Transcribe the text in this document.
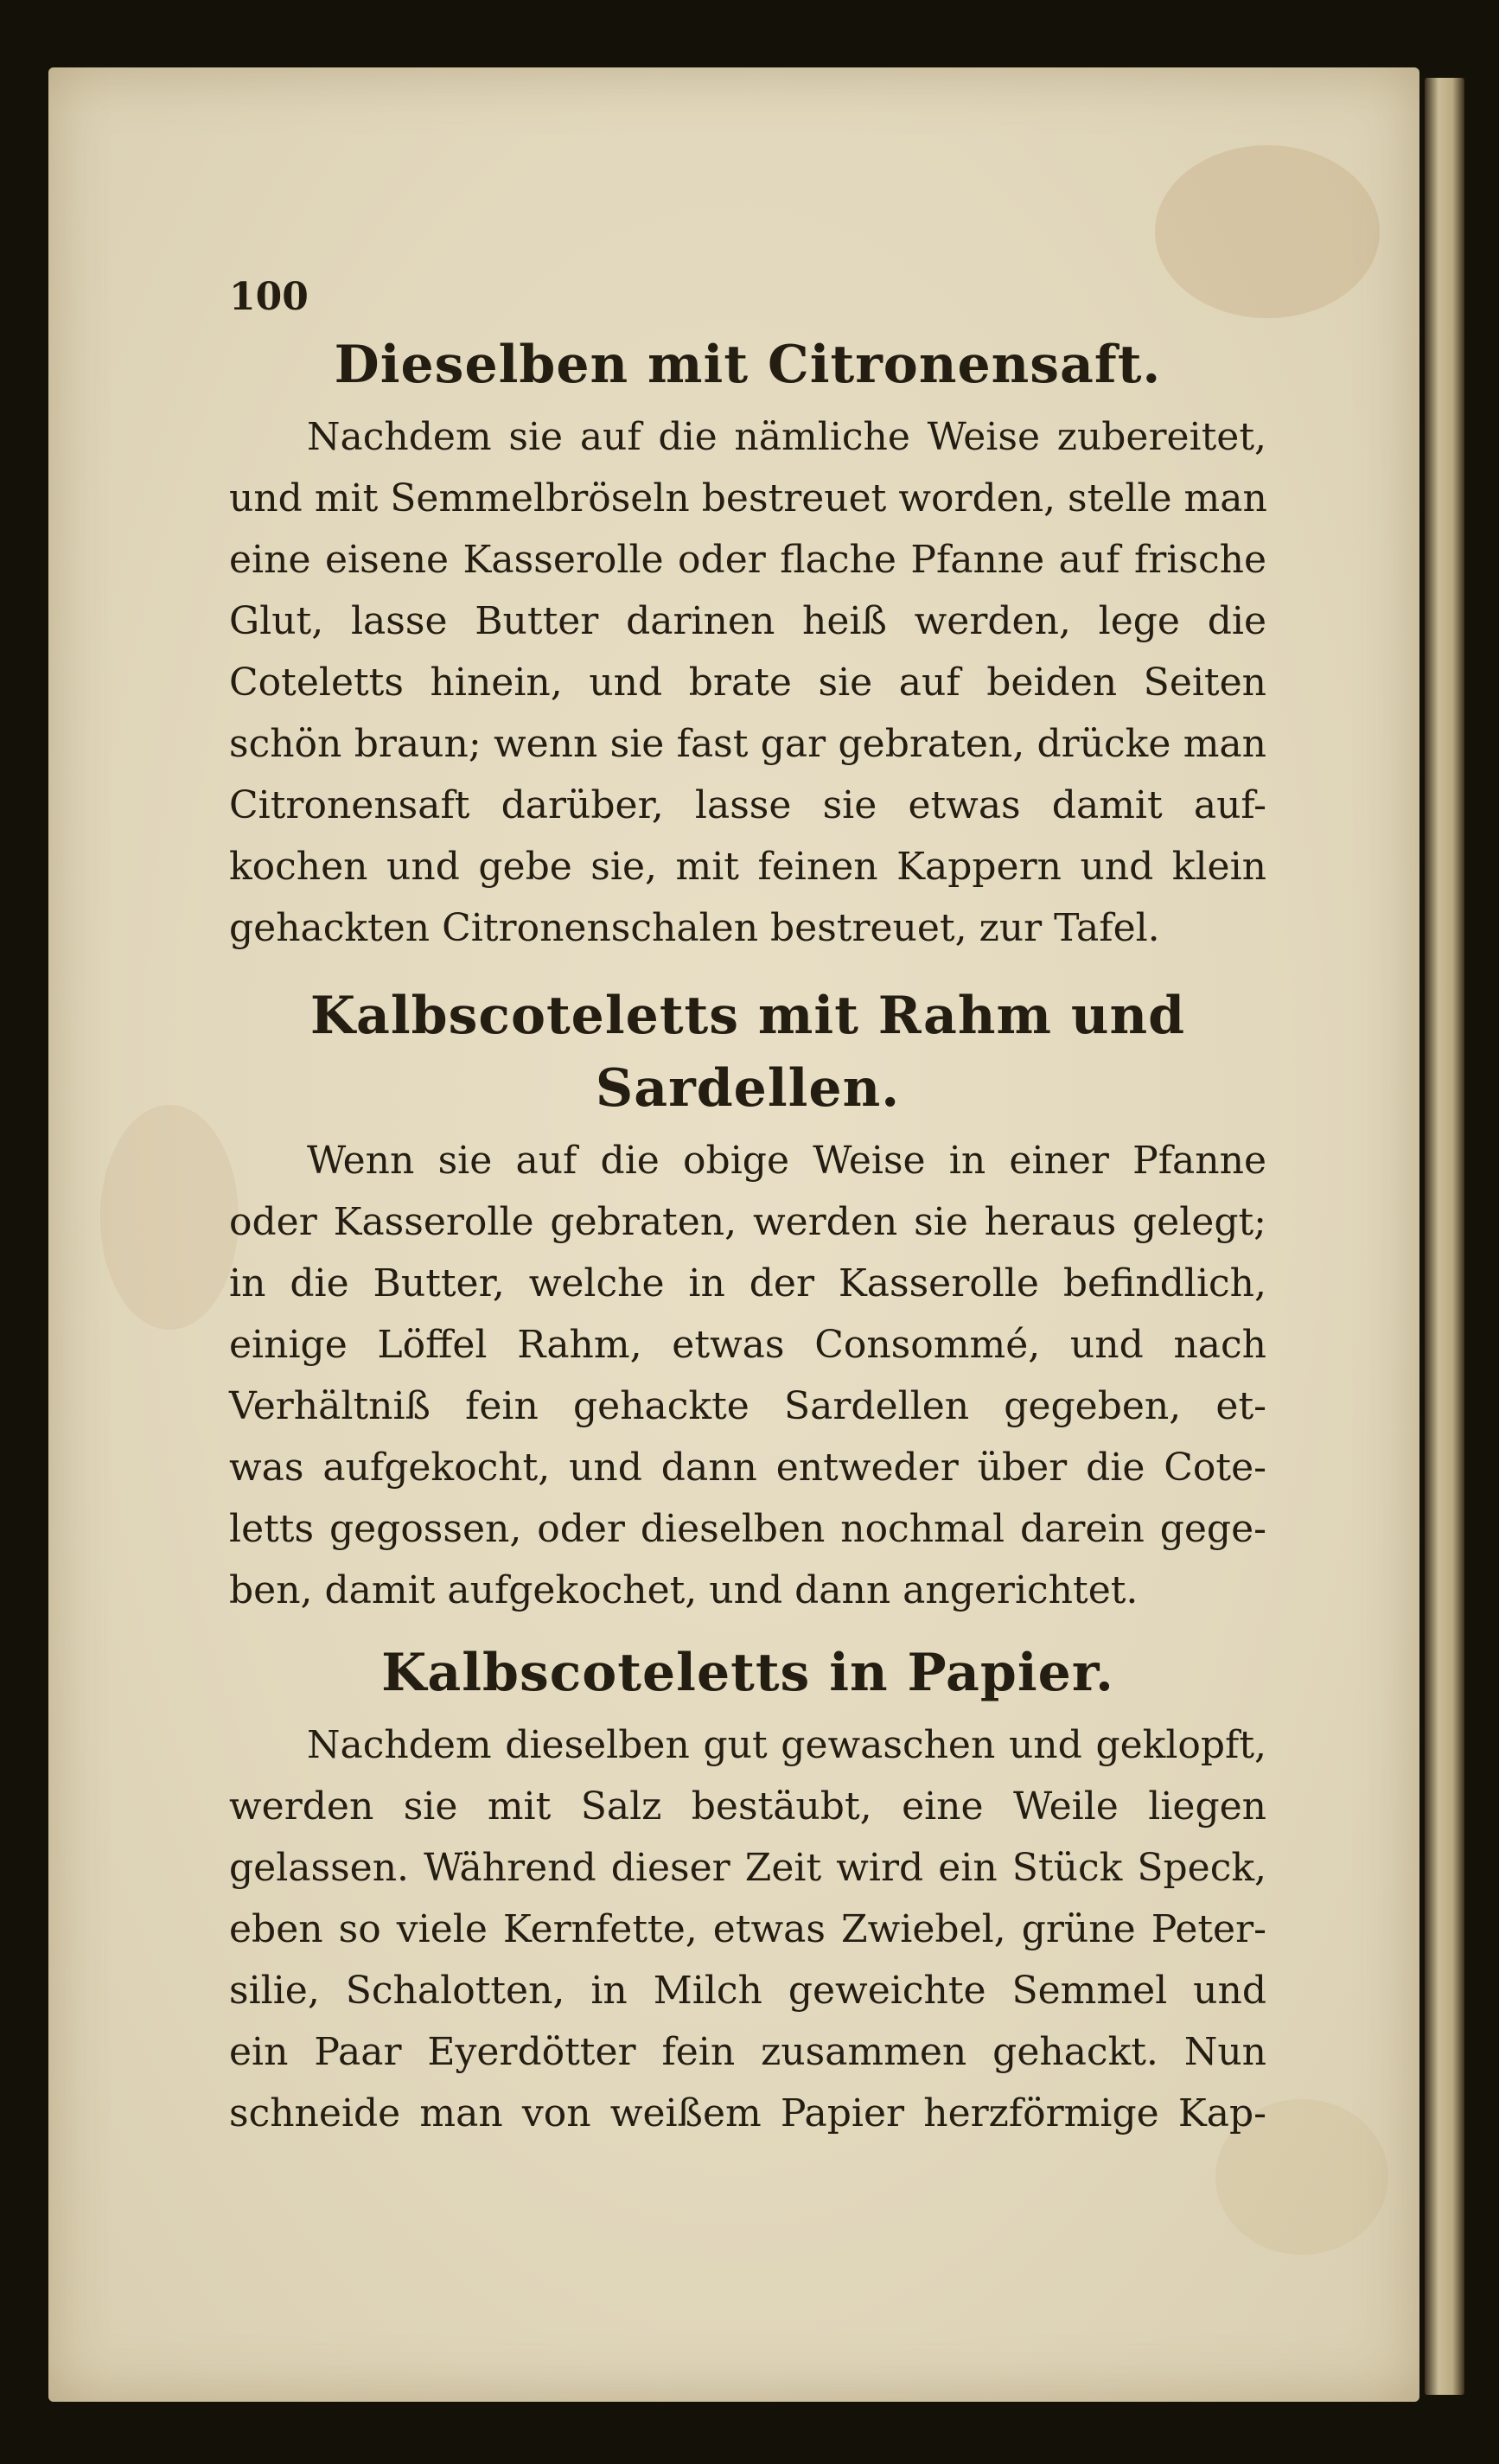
100

Dieselben mit Citronensaft.

Nachdem sie auf die nämliche Weise zubereitet,
und mit Semmelbröseln bestreuet worden, stelle man
eine eisene Kasserolle oder flache Pfanne auf frische
Glut, lasse Butter darinen heiß werden, lege die
Coteletts hinein, und brate sie auf beiden Seiten
schön braun; wenn sie fast gar gebraten, drücke man
Citronensaft darüber, lasse sie etwas damit auf-
kochen und gebe sie, mit feinen Kappern und klein
gehackten Citronenschalen bestreuet, zur Tafel.

Kalbscoteletts mit Rahm und Sardellen.

Wenn sie auf die obige Weise in einer Pfanne
oder Kasserolle gebraten, werden sie heraus gelegt;
in die Butter, welche in der Kasserolle befindlich,
einige Löffel Rahm, etwas Consommé, und nach
Verhältniß fein gehackte Sardellen gegeben, et-
was aufgekocht, und dann entweder über die Cote-
letts gegossen, oder dieselben nochmal darein gege-
ben, damit aufgekochet, und dann angerichtet.

Kalbscoteletts in Papier.

Nachdem dieselben gut gewaschen und geklopft,
werden sie mit Salz bestäubt, eine Weile liegen
gelassen. Während dieser Zeit wird ein Stück Speck,
eben so viele Kernfette, etwas Zwiebel, grüne Peter-
silie, Schalotten, in Milch geweichte Semmel und
ein Paar Eyerdötter fein zusammen gehackt. Nun
schneide man von weißem Papier herzförmige Kap-
